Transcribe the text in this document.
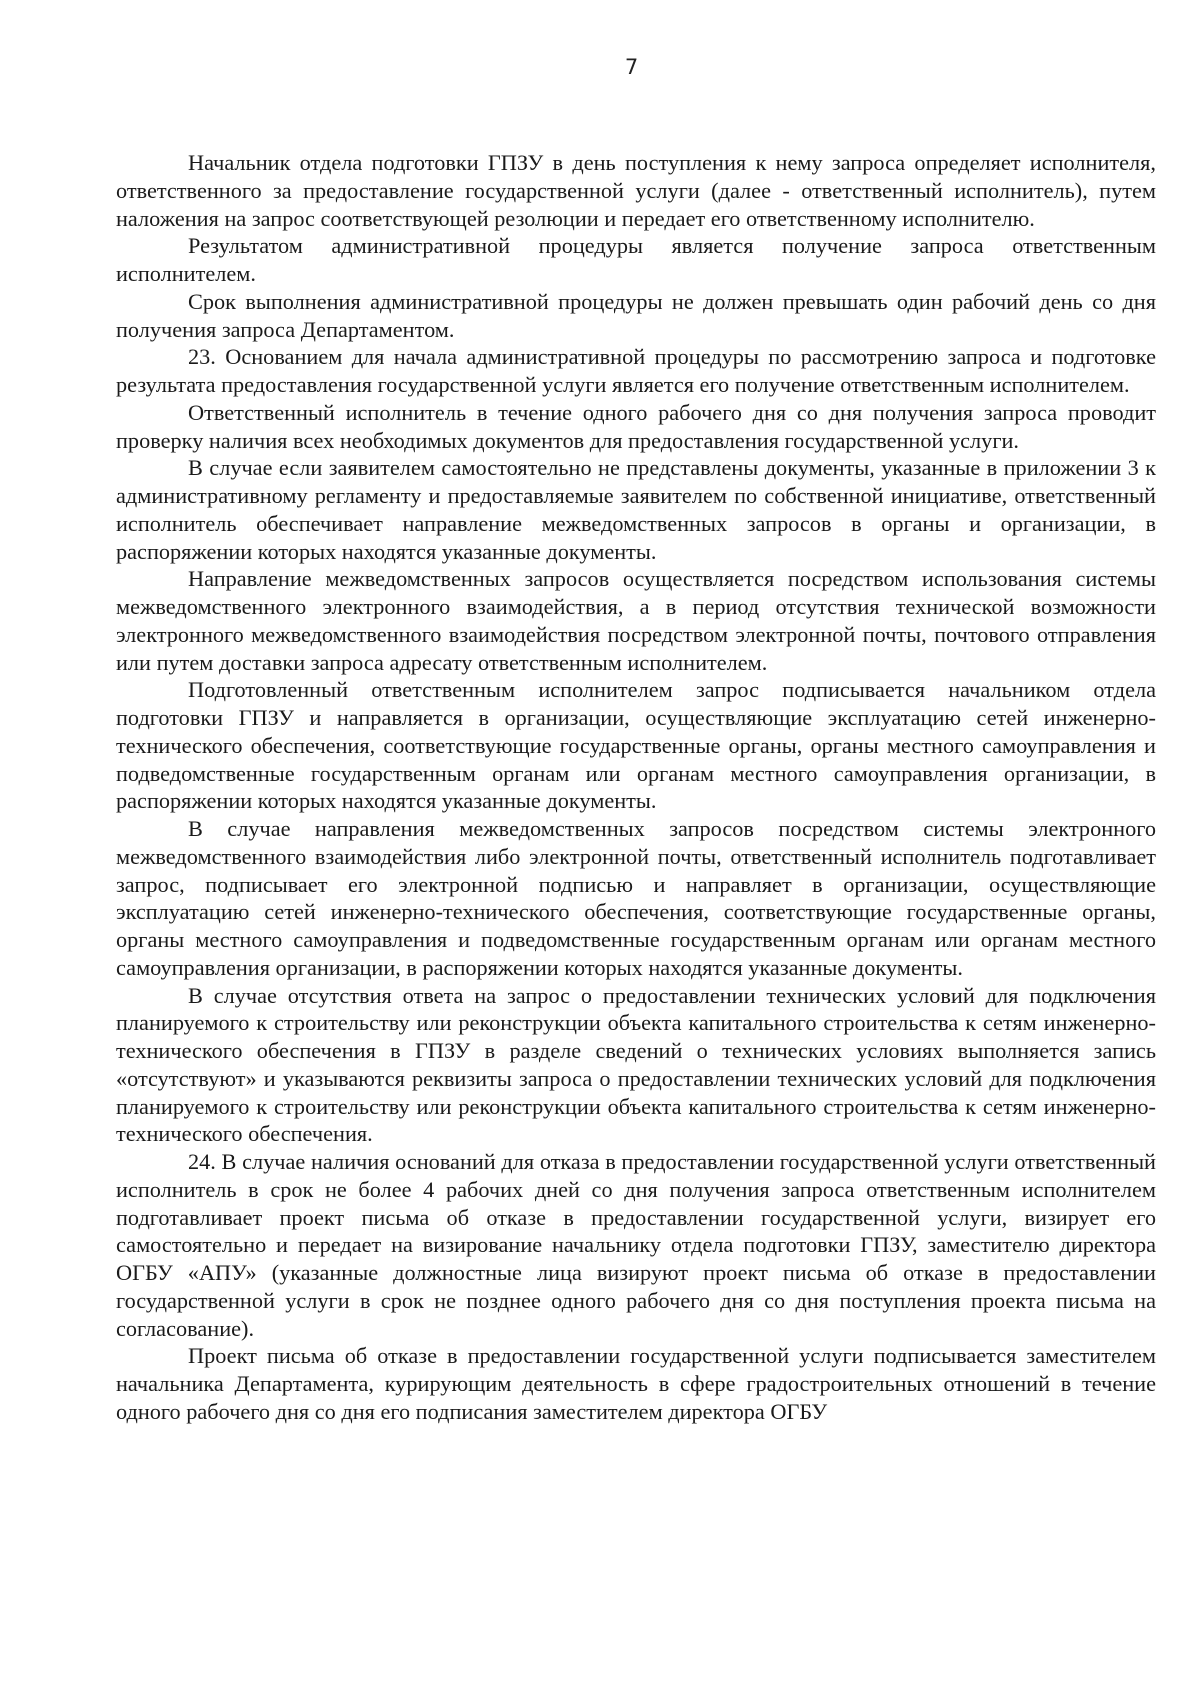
7

Начальник отдела подготовки ГПЗУ в день поступления к нему запроса определяет исполнителя, ответственного за предоставление государственной услуги (далее - ответственный исполнитель), путем наложения на запрос соответствующей резолюции и передает его ответственному исполнителю.

Результатом административной процедуры является получение запроса ответственным исполнителем.

Срок выполнения административной процедуры не должен превышать один рабочий день со дня получения запроса Департаментом.

23. Основанием для начала административной процедуры по рассмотрению запроса и подготовке результата предоставления государственной услуги является его получение ответственным исполнителем.

Ответственный исполнитель в течение одного рабочего дня со дня получения запроса проводит проверку наличия всех необходимых документов для предоставления государственной услуги.

В случае если заявителем самостоятельно не представлены документы, указанные в приложении 3 к административному регламенту и предоставляемые заявителем по собственной инициативе, ответственный исполнитель обеспечивает направление межведомственных запросов в органы и организации, в распоряжении которых находятся указанные документы.

Направление межведомственных запросов осуществляется посредством использования системы межведомственного электронного взаимодействия, а в период отсутствия технической возможности электронного межведомственного взаимодействия посредством электронной почты, почтового отправления или путем доставки запроса адресату ответственным исполнителем.

Подготовленный ответственным исполнителем запрос подписывается начальником отдела подготовки ГПЗУ и направляется в организации, осуществляющие эксплуатацию сетей инженерно-технического обеспечения, соответствующие государственные органы, органы местного самоуправления и подведомственные государственным органам или органам местного самоуправления организации, в распоряжении которых находятся указанные документы.

В случае направления межведомственных запросов посредством системы электронного межведомственного взаимодействия либо электронной почты, ответственный исполнитель подготавливает запрос, подписывает его электронной подписью и направляет в организации, осуществляющие эксплуатацию сетей инженерно-технического обеспечения, соответствующие государственные органы, органы местного самоуправления и подведомственные государственным органам или органам местного самоуправления организации, в распоряжении которых находятся указанные документы.

В случае отсутствия ответа на запрос о предоставлении технических условий для подключения планируемого к строительству или реконструкции объекта капитального строительства к сетям инженерно-технического обеспечения в ГПЗУ в разделе сведений о технических условиях выполняется запись «отсутствуют» и указываются реквизиты запроса о предоставлении технических условий для подключения планируемого к строительству или реконструкции объекта капитального строительства к сетям инженерно-технического обеспечения.

24. В случае наличия оснований для отказа в предоставлении государственной услуги ответственный исполнитель в срок не более 4 рабочих дней со дня получения запроса ответственным исполнителем подготавливает проект письма об отказе в предоставлении государственной услуги, визирует его самостоятельно и передает на визирование начальнику отдела подготовки ГПЗУ, заместителю директора ОГБУ «АПУ» (указанные должностные лица визируют проект письма об отказе в предоставлении государственной услуги в срок не позднее одного рабочего дня со дня поступления проекта письма на согласование).

Проект письма об отказе в предоставлении государственной услуги подписывается заместителем начальника Департамента, курирующим деятельность в сфере градостроительных отношений в течение одного рабочего дня со дня его подписания заместителем директора ОГБУ
